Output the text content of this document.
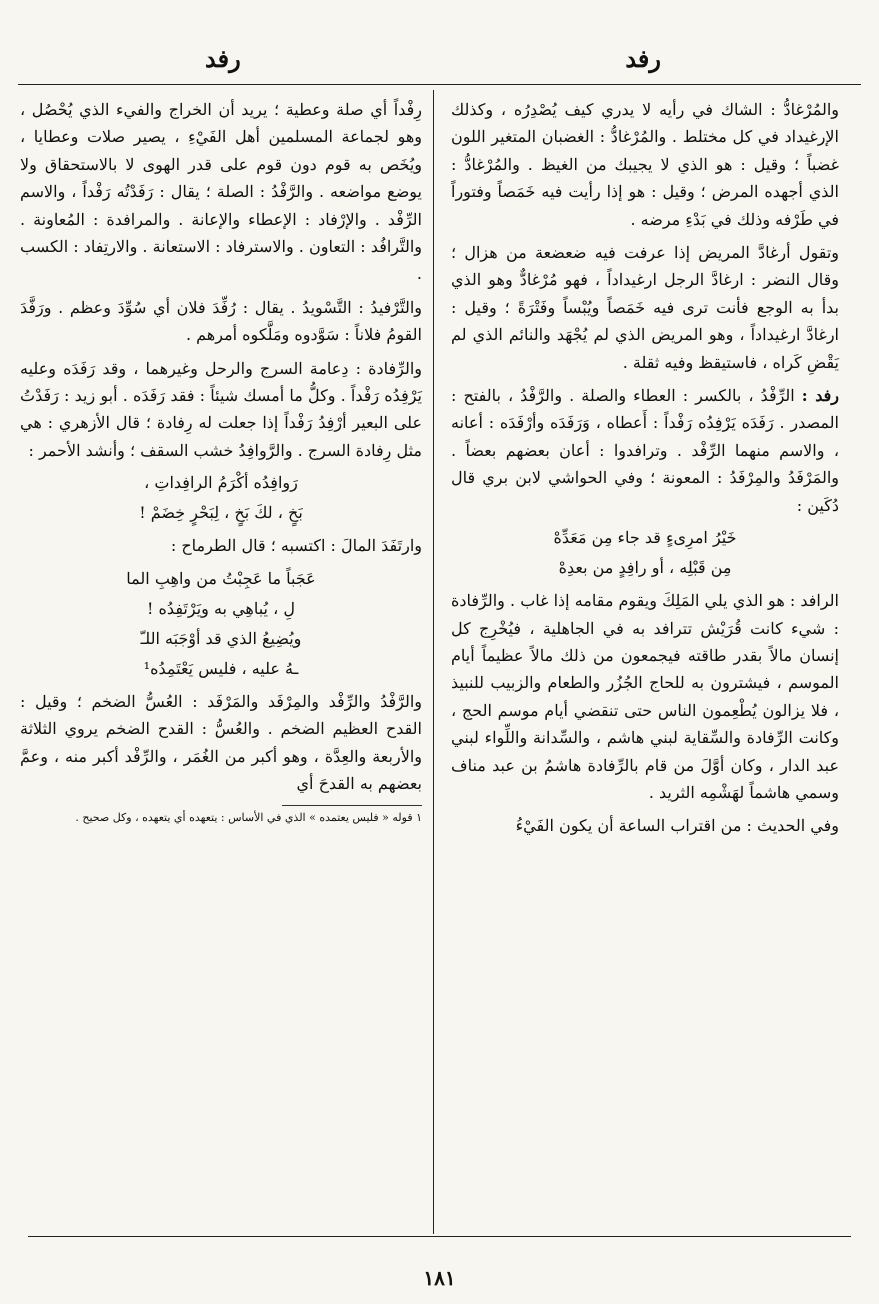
رفد
رفد

والمُرْغادُّ : الشاك في رأيه لا يدري كيف يُصْدِرُه ، وكذلك الإرغيداد في كل مختلط . والمُرْغادُّ : الغضبان المتغير اللون غضباً ؛ وقيل : هو الذي لا يجيبك من الغيظ . والمُرْغادُّ : الذي أجهده المرض ؛ وقيل : هو إذا رأيت فيه خَمَصاً وفتوراً في طَرْفه وذلك في بَدْءِ مرضه .

وتقول أرغادَّ المريض إذا عرفت فيه ضعضعة من هزال ؛ وقال النضر : ارغادَّ الرجل ارغيداداً ، فهو مُرْغادٌّ وهو الذي بدأ به الوجع فأنت ترى فيه خَمَصاً ويُبْساً وفَتْرَةً ؛ وقيل : ارغادَّ ارغيداداً ، وهو المريض الذي لم يُجْهَد والنائم الذي لم يَقْضِ كَراه ، فاستيقظ وفيه ثقلة .

رفد : الرِّفْدُ ، بالكسر : العطاء والصلة . والرَّفْدُ ، بالفتح : المصدر . رَفَدَه يَرْفِدُه رَفْداً : أَعطاه ، وَرَفَدَه وأرْفَدَه : أعانه ، والاسم منهما الرِّفْد . وترافدوا : أعان بعضهم بعضاً . والمَرْفَدُ والمِرْفَدُ : المعونة ؛ وفي الحواشي لابن بري قال دُكَين :

خَيْرُ امرِىءٍ قد جاء مِن مَعَدِّهْ
مِن قَبْلِه ، أو رافِدٍ من بعدِهْ

الرافد : هو الذي يلي المَلِكَ ويقوم مقامه إذا غاب . والرِّفادة : شيء كانت قُرَيْش تترافد به في الجاهلية ، فيُخْرِج كل إنسان مالاً بقدر طاقته فيجمعون من ذلك مالاً عظيماً أيام الموسم ، فيشترون به للحاج الجُزُر والطعام والزبيب للنبيذ ، فلا يزالون يُطْعِمون الناس حتى تنقضي أيام موسم الحج ، وكانت الرِّفادة والسِّقاية لبني هاشم ، والسِّدانة واللِّواء لبني عبد الدار ، وكان أوَّلَ من قام بالرِّفادة هاشمُ بن عبد مناف وسمي هاشماً لهَشْمِه الثريد .

وفي الحديث : من اقتراب الساعة أن يكون الفَيْءُ

رِفْداً أي صلة وعطية ؛ يريد أن الخراج والفيء الذي يُحْصُل ، وهو لجماعة المسلمين أهل الفَيْءِ ، يصير صلات وعطايا ، ويُخَص به قوم دون قوم على قدر الهوى لا بالاستحقاق ولا يوضع مواضعه . والرَّفْدُ : الصلة ؛ يقال : رَفَدْتُه رَفْداً ، والاسم الرِّفْد . والإرْفاد : الإعطاء والإعانة . والمرافدة : المُعاونة . والتَّرافُد : التعاون . والاسترفاد : الاستعانة . والارتِفاد : الكسب .

والتَّرْفيدُ : التَّسْويدُ . يقال : رُفِّدَ فلان أي سُوِّدَ وعظم . ورَفَّدَ القومُ فلاناً : سَوَّدوه ومَلَّكوه أمرهم .

والرِّفادة : دِعامة السرج والرحل وغيرهما ، وقد رَفَدَه وعليه يَرْفِدُه رَفْداً . وكلُّ ما أمسك شيئاً : فقد رَفَدَه . أبو زيد : رَفَدْتُ على البعير أرْفِدُ رَفْداً إذا جعلت له رِفادة ؛ قال الأزهري : هي مثل رِفادة السرج . والرَّوافِدُ خشب السقف ؛ وأنشد الأحمر :

رَوافِدُه أكْرَمُ الرافِداتِ ،
بَخٍ ، لكَ بَخٍ ، لِبَحْرٍ خِضَمْ !

وارتَفَدَ المالَ : اكتسبه ؛ قال الطرماح :

عَجَباً ما عَجِبْتُ من واهِبِ الما
لِ ، يُباهِي به ويَرْتَفِدُه !
ويُضِيعُ الذي قد أوْجَبَه اللـّ
ـهُ عليه ، فليس يَعْتَمِدُه¹

والرَّفْدُ والرِّفْد والمِرْفَد والمَرْفَد : العُسُّ الضخم ؛ وقيل : القدح العظيم الضخم . والعُسُّ : القدح الضخم يروي الثلاثة والأربعة والعِدَّة ، وهو أكبر من الغُمَر ، والرِّفْد أكبر منه ، وعمَّ بعضهم به القدحَ أي

١ قوله « فليس يعتمده » الذي في الأساس : يتعهده أي يتعهده ، وكل صحيح .

١٨١
